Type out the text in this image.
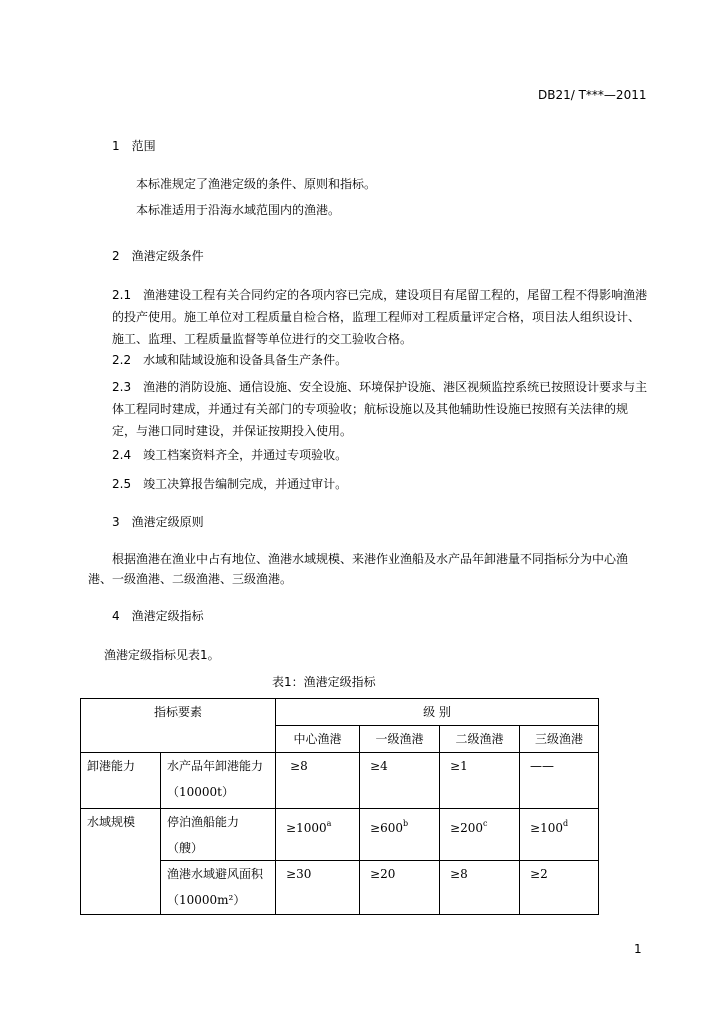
DB21/ T***—2011
1　范围
本标准规定了渔港定级的条件、原则和指标。
本标准适用于沿海水域范围内的渔港。
2　渔港定级条件
2.1　渔港建设工程有关合同约定的各项内容已完成，建设项目有尾留工程的，尾留工程不得影响渔港的投产使用。施工单位对工程质量自检合格，监理工程师对工程质量评定合格，项目法人组织设计、施工、监理、工程质量监督等单位进行的交工验收合格。
2.2　水域和陆域设施和设备具备生产条件。
2.3　渔港的消防设施、通信设施、安全设施、环境保护设施、港区视频监控系统已按照设计要求与主体工程同时建成，并通过有关部门的专项验收；航标设施以及其他辅助性设施已按照有关法律的规定，与港口同时建设，并保证按期投入使用。
2.4　竣工档案资料齐全，并通过专项验收。
2.5　竣工决算报告编制完成，并通过审计。
3　渔港定级原则
根据渔港在渔业中占有地位、渔港水域规模、来港作业渔船及水产品年卸港量不同指标分为中心渔
港、一级渔港、二级渔港、三级渔港。
4　渔港定级指标
渔港定级指标见表1。
表1：渔港定级指标
指标要素		级 别			
		中心渔港	一级渔港	二级渔港	三级渔港
卸港能力	水产品年卸港能力
（10000t）	≥8	≥4	≥1	——
水域规模	停泊渔船能力
（艘）	$\ge 1000^a$	$\ge 600^b$	$\ge 200^c$	$\ge 100^d$

	渔港水域避风面积
（10000m²）	≥30	≥20	≥8	≥2
1
